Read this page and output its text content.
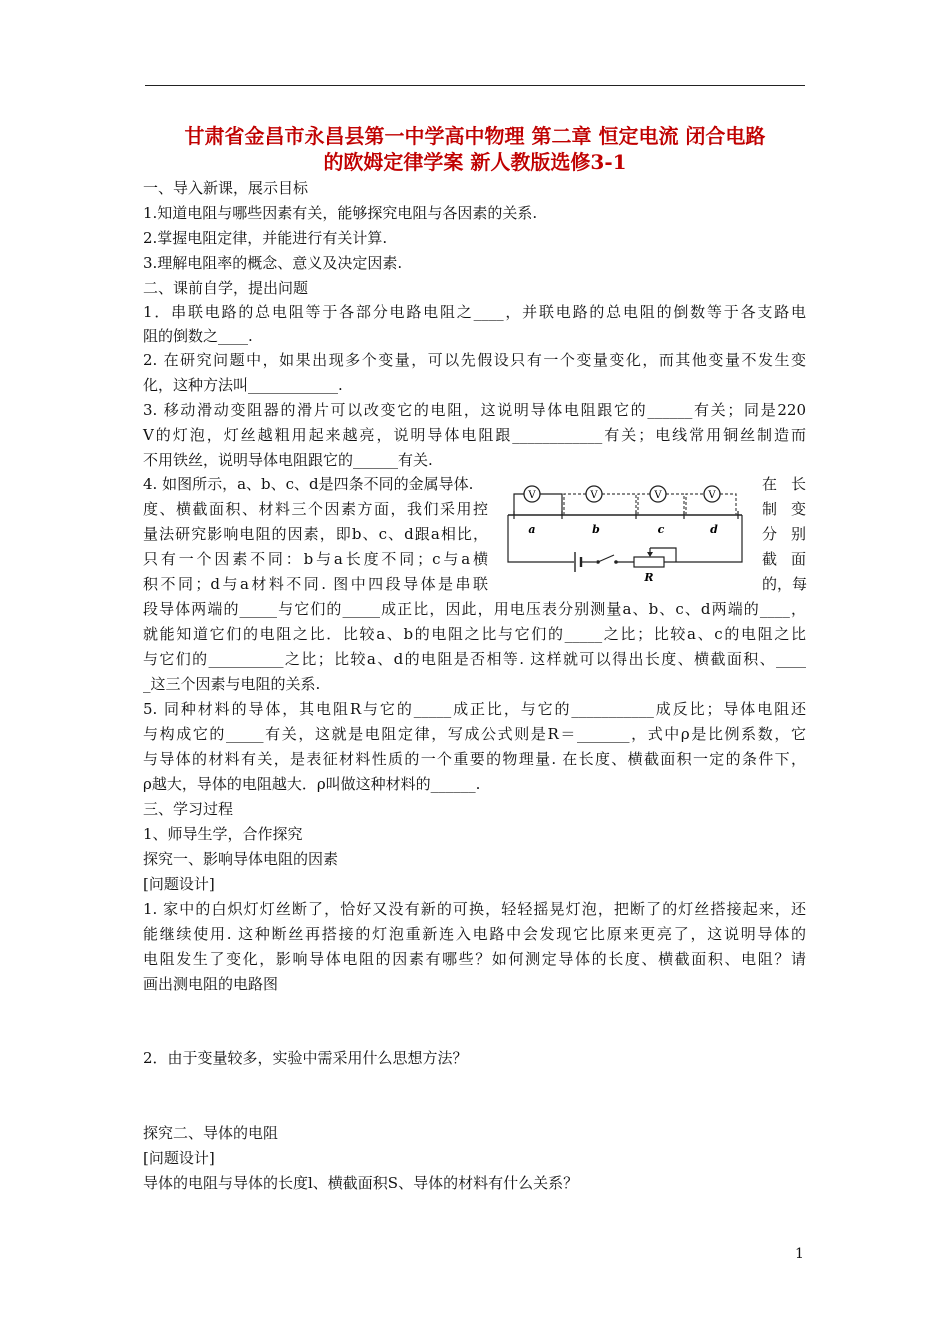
甘肃省金昌市永昌县第一中学高中物理 第二章 恒定电流 闭合电路
的欧姆定律学案 新人教版选修3-1
一、导入新课，展示目标
1.知道电阻与哪些因素有关，能够探究电阻与各因素的关系.
2.掌握电阻定律，并能进行有关计算.
3.理解电阻率的概念、意义及决定因素.
二、课前自学，提出问题
1．串联电路的总电阻等于各部分电路电阻之____，并联电路的总电阻的倒数等于各支路电
阻的倒数之____.
2. 在研究问题中，如果出现多个变量，可以先假设只有一个变量变化，而其他变量不发生变
化，这种方法叫____________.
3. 移动滑动变阻器的滑片可以改变它的电阻，这说明导体电阻跟它的______有关；同是220
V的灯泡，灯丝越粗用起来越亮，说明导体电阻跟____________有关；电线常用铜丝制造而
不用铁丝，说明导体电阻跟它的______有关.
4. 如图所示，a、b、c、d是四条不同的金属导体.
度、横截面积、材料三个因素方面，我们采用控
量法研究影响电阻的因素，即b、c、d跟a相比，
只有一个因素不同：b与a长度不同；c与a横
积不同；d与a材料不同. 图中四段导体是串联
在 长
制 变
分 别
截 面
的，每
V	V	V	V
a	b	c	d
R
段导体两端的_____与它们的_____成正比，因此，用电压表分别测量a、b、c、d两端的____，
就能知道它们的电阻之比．比较a、b的电阻之比与它们的_____之比；比较a、c的电阻之比
与它们的__________之比；比较a、d的电阻是否相等. 这样就可以得出长度、横截面积、____
_这三个因素与电阻的关系.
5. 同种材料的导体，其电阻R与它的_____成正比，与它的___________成反比；导体电阻还
与构成它的_____有关，这就是电阻定律，写成公式则是R＝_______，式中ρ是比例系数，它
与导体的材料有关，是表征材料性质的一个重要的物理量. 在长度、横截面积一定的条件下，
ρ越大，导体的电阻越大．ρ叫做这种材料的______.
三、学习过程
1、师导生学，合作探究
探究一、影响导体电阻的因素
[问题设计]
1. 家中的白炽灯灯丝断了，恰好又没有新的可换，轻轻摇晃灯泡，把断了的灯丝搭接起来，还
能继续使用. 这种断丝再搭接的灯泡重新连入电路中会发现它比原来更亮了，这说明导体的
电阻发生了变化，影响导体电阻的因素有哪些？如何测定导体的长度、横截面积、电阻？请
画出测电阻的电路图
2．由于变量较多，实验中需采用什么思想方法？
探究二、导体的电阻
[问题设计]
导体的电阻与导体的长度l、横截面积S、导体的材料有什么关系？
1
